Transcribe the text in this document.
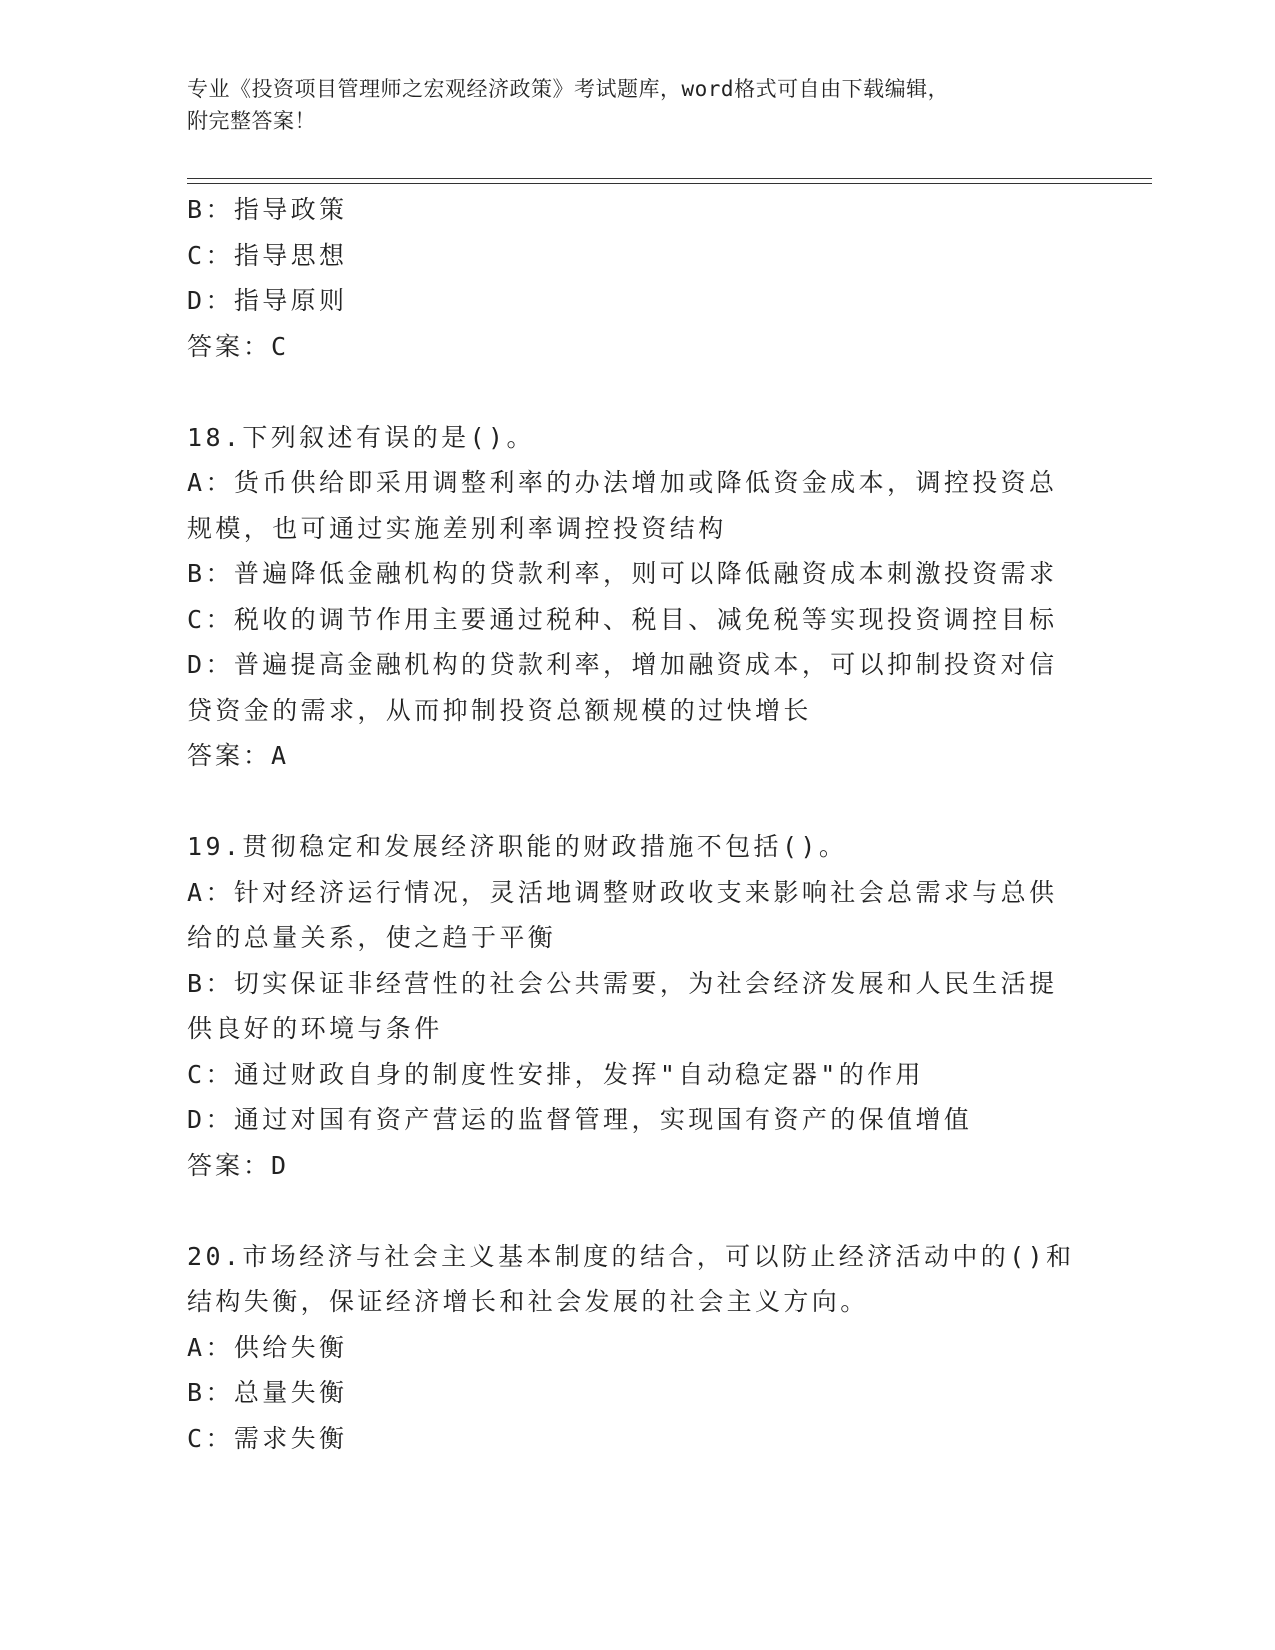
专业《投资项目管理师之宏观经济政策》考试题库，word格式可自由下载编辑，
附完整答案！
B：指导政策
C：指导思想
D：指导原则
答案：C
18.下列叙述有误的是()。
A：货币供给即采用调整利率的办法增加或降低资金成本，调控投资总
规模，也可通过实施差别利率调控投资结构
B：普遍降低金融机构的贷款利率，则可以降低融资成本刺激投资需求
C：税收的调节作用主要通过税种、税目、减免税等实现投资调控目标
D：普遍提高金融机构的贷款利率，增加融资成本，可以抑制投资对信
贷资金的需求，从而抑制投资总额规模的过快增长
答案：A
19.贯彻稳定和发展经济职能的财政措施不包括()。
A：针对经济运行情况，灵活地调整财政收支来影响社会总需求与总供
给的总量关系，使之趋于平衡
B：切实保证非经营性的社会公共需要，为社会经济发展和人民生活提
供良好的环境与条件
C：通过财政自身的制度性安排，发挥"自动稳定器"的作用
D：通过对国有资产营运的监督管理，实现国有资产的保值增值
答案：D
20.市场经济与社会主义基本制度的结合，可以防止经济活动中的()和
结构失衡，保证经济增长和社会发展的社会主义方向。
A：供给失衡
B：总量失衡
C：需求失衡
